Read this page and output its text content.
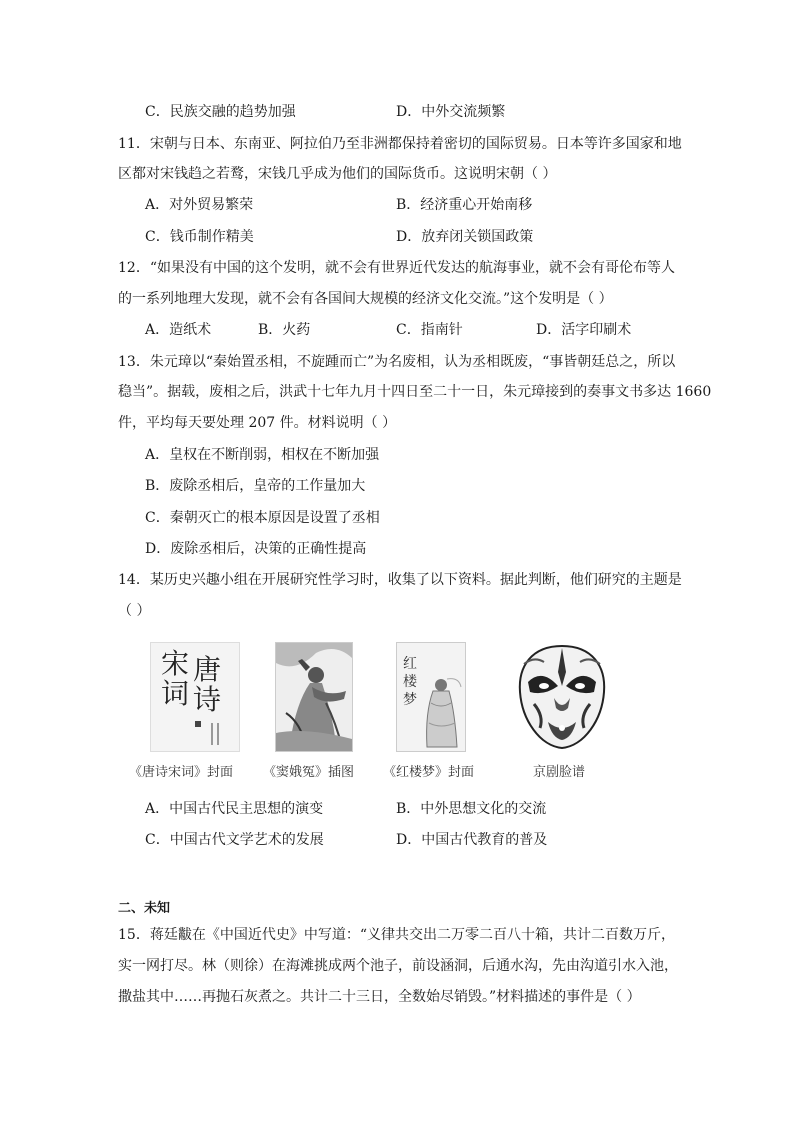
C．民族交融的趋势加强	D．中外交流频繁
11．宋朝与日本、东南亚、阿拉伯乃至非洲都保持着密切的国际贸易。日本等许多国家和地
区都对宋钱趋之若鹜，宋钱几乎成为他们的国际货币。这说明宋朝（ ）
A．对外贸易繁荣	B．经济重心开始南移
C．钱币制作精美	D．放弃闭关锁国政策
12．“如果没有中国的这个发明，就不会有世界近代发达的航海事业，就不会有哥伦布等人
的一系列地理大发现，就不会有各国间大规模的经济文化交流。”这个发明是（ ）
A．造纸术	B．火药	C．指南针	D．活字印刷术
13．朱元璋以“秦始置丞相，不旋踵而亡”为名废相，认为丞相既废，“事皆朝廷总之，所以
稳当”。据载，废相之后，洪武十七年九月十四日至二十一日，朱元璋接到的奏事文书多达 1660
件，平均每天要处理 207 件。材料说明（ ）
A．皇权在不断削弱，相权在不断加强
B．废除丞相后，皇帝的工作量加大
C．秦朝灭亡的根本原因是设置了丞相
D．废除丞相后，决策的正确性提高
14．某历史兴趣小组在开展研究性学习时，收集了以下资料。据此判断，他们研究的主题是
（ ）
宋
词
唐
诗
红楼梦
《唐诗宋词》封面 《窦娥冤》插图 《红楼梦》封面	京剧脸谱
A．中国古代民主思想的演变	B．中外思想文化的交流
C．中国古代文学艺术的发展	D．中国古代教育的普及
二、未知
15．蒋廷黻在《中国近代史》中写道：“义律共交出二万零二百八十箱，共计二百数万斤，
实一网打尽。林（则徐）在海滩挑成两个池子，前设涵洞，后通水沟，先由沟道引水入池，
撒盐其中……再抛石灰煮之。共计二十三日，全数始尽销毁。”材料描述的事件是（ ）
